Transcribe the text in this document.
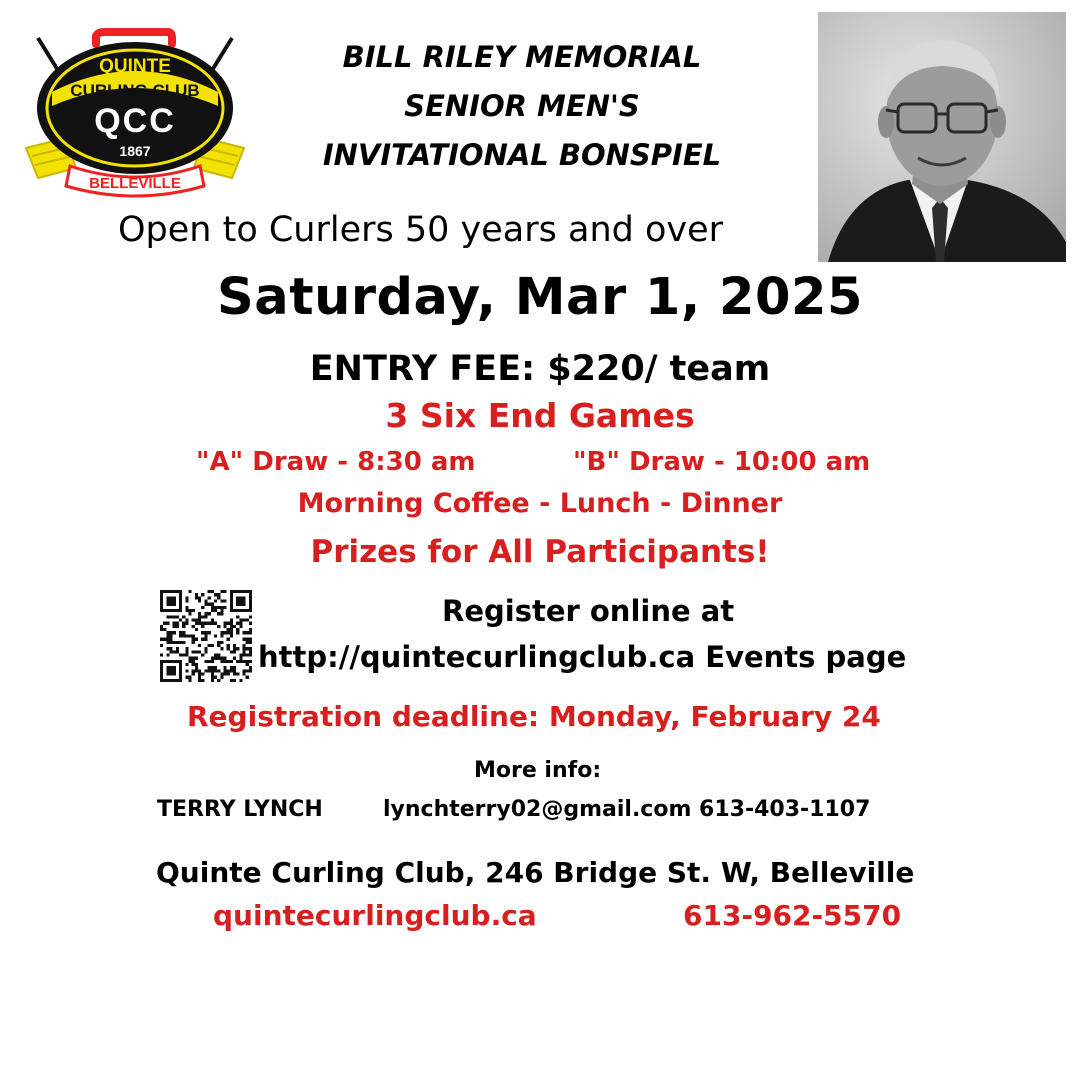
QUINTE
CURLING CLUB
QCC
1867
BELLEVILLE
BILL RILEY MEMORIAL
SENIOR MEN'S
INVITATIONAL BONSPIEL
Open to Curlers 50 years and over
Saturday, Mar 1, 2025
ENTRY FEE: $220/ team
3 Six End Games
"A" Draw - 8:30 am	"B" Draw - 10:00 am
Morning Coffee - Lunch - Dinner
Prizes for All Participants!
Register online at
http://quintecurlingclub.ca Events page
Registration deadline: Monday, February 24
More info:
TERRY LYNCH	lynchterry02@gmail.com 613-403-1107
Quinte Curling Club, 246 Bridge St. W, Belleville
quintecurlingclub.ca	613-962-5570
